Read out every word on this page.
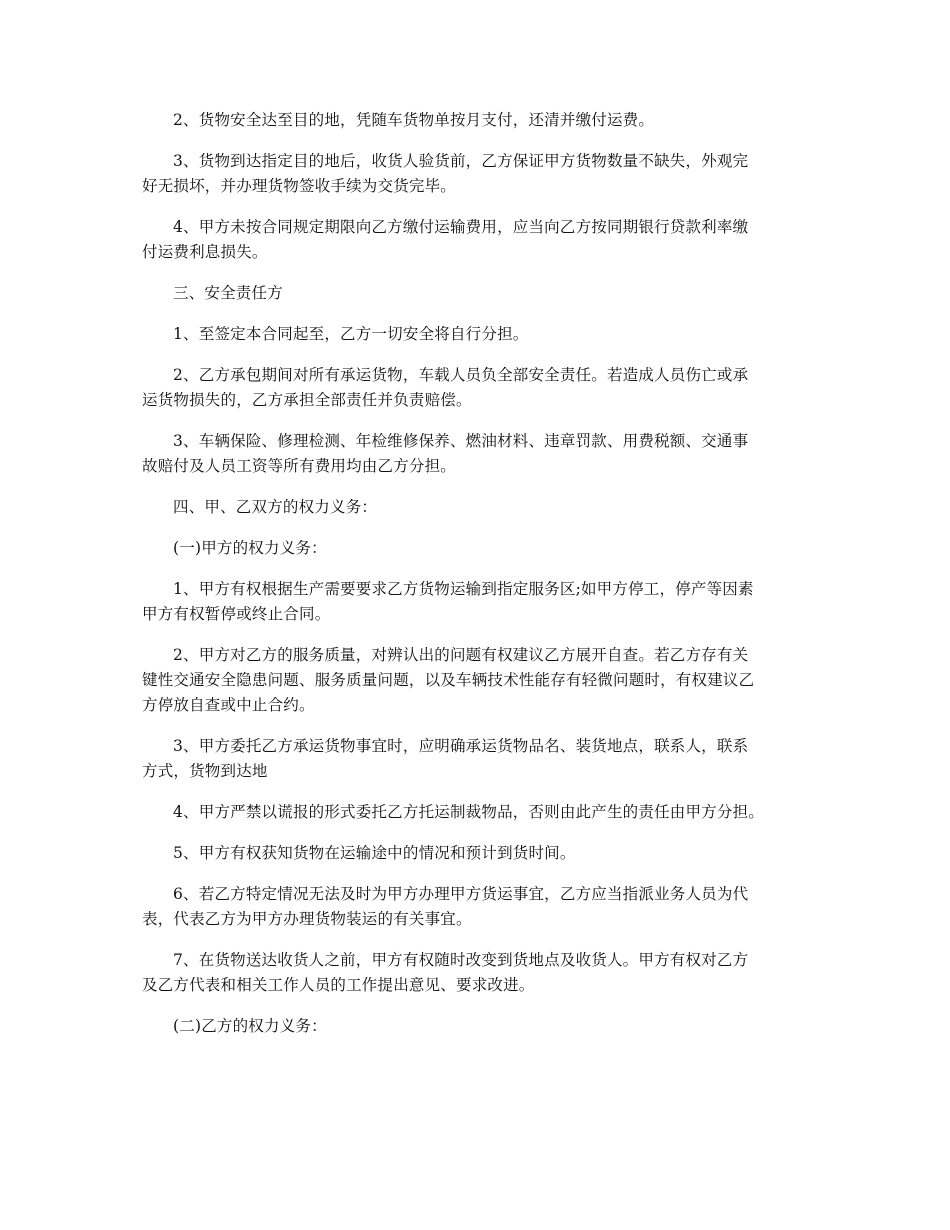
2、货物安全达至目的地，凭随车货物单按月支付，还清并缴付运费。
3、货物到达指定目的地后，收货人验货前，乙方保证甲方货物数量不缺失，外观完
好无损坏，并办理货物签收手续为交货完毕。
4、甲方未按合同规定期限向乙方缴付运输费用，应当向乙方按同期银行贷款利率缴
付运费利息损失。
三、安全责任方
1、至签定本合同起至，乙方一切安全将自行分担。
2、乙方承包期间对所有承运货物，车载人员负全部安全责任。若造成人员伤亡或承
运货物损失的，乙方承担全部责任并负责赔偿。
3、车辆保险、修理检测、年检维修保养、燃油材料、违章罚款、用费税额、交通事
故赔付及人员工资等所有费用均由乙方分担。
四、甲、乙双方的权力义务：
(一)甲方的权力义务：
1、甲方有权根据生产需要要求乙方货物运输到指定服务区;如甲方停工，停产等因素
甲方有权暂停或终止合同。
2、甲方对乙方的服务质量，对辨认出的问题有权建议乙方展开自查。若乙方存有关
键性交通安全隐患问题、服务质量问题，以及车辆技术性能存有轻微问题时，有权建议乙
方停放自查或中止合约。
3、甲方委托乙方承运货物事宜时，应明确承运货物品名、装货地点，联系人，联系
方式，货物到达地
4、甲方严禁以谎报的形式委托乙方托运制裁物品，否则由此产生的责任由甲方分担。
5、甲方有权获知货物在运输途中的情况和预计到货时间。
6、若乙方特定情况无法及时为甲方办理甲方货运事宜，乙方应当指派业务人员为代
表，代表乙方为甲方办理货物装运的有关事宜。
7、在货物送达收货人之前，甲方有权随时改变到货地点及收货人。甲方有权对乙方
及乙方代表和相关工作人员的工作提出意见、要求改进。
(二)乙方的权力义务：
